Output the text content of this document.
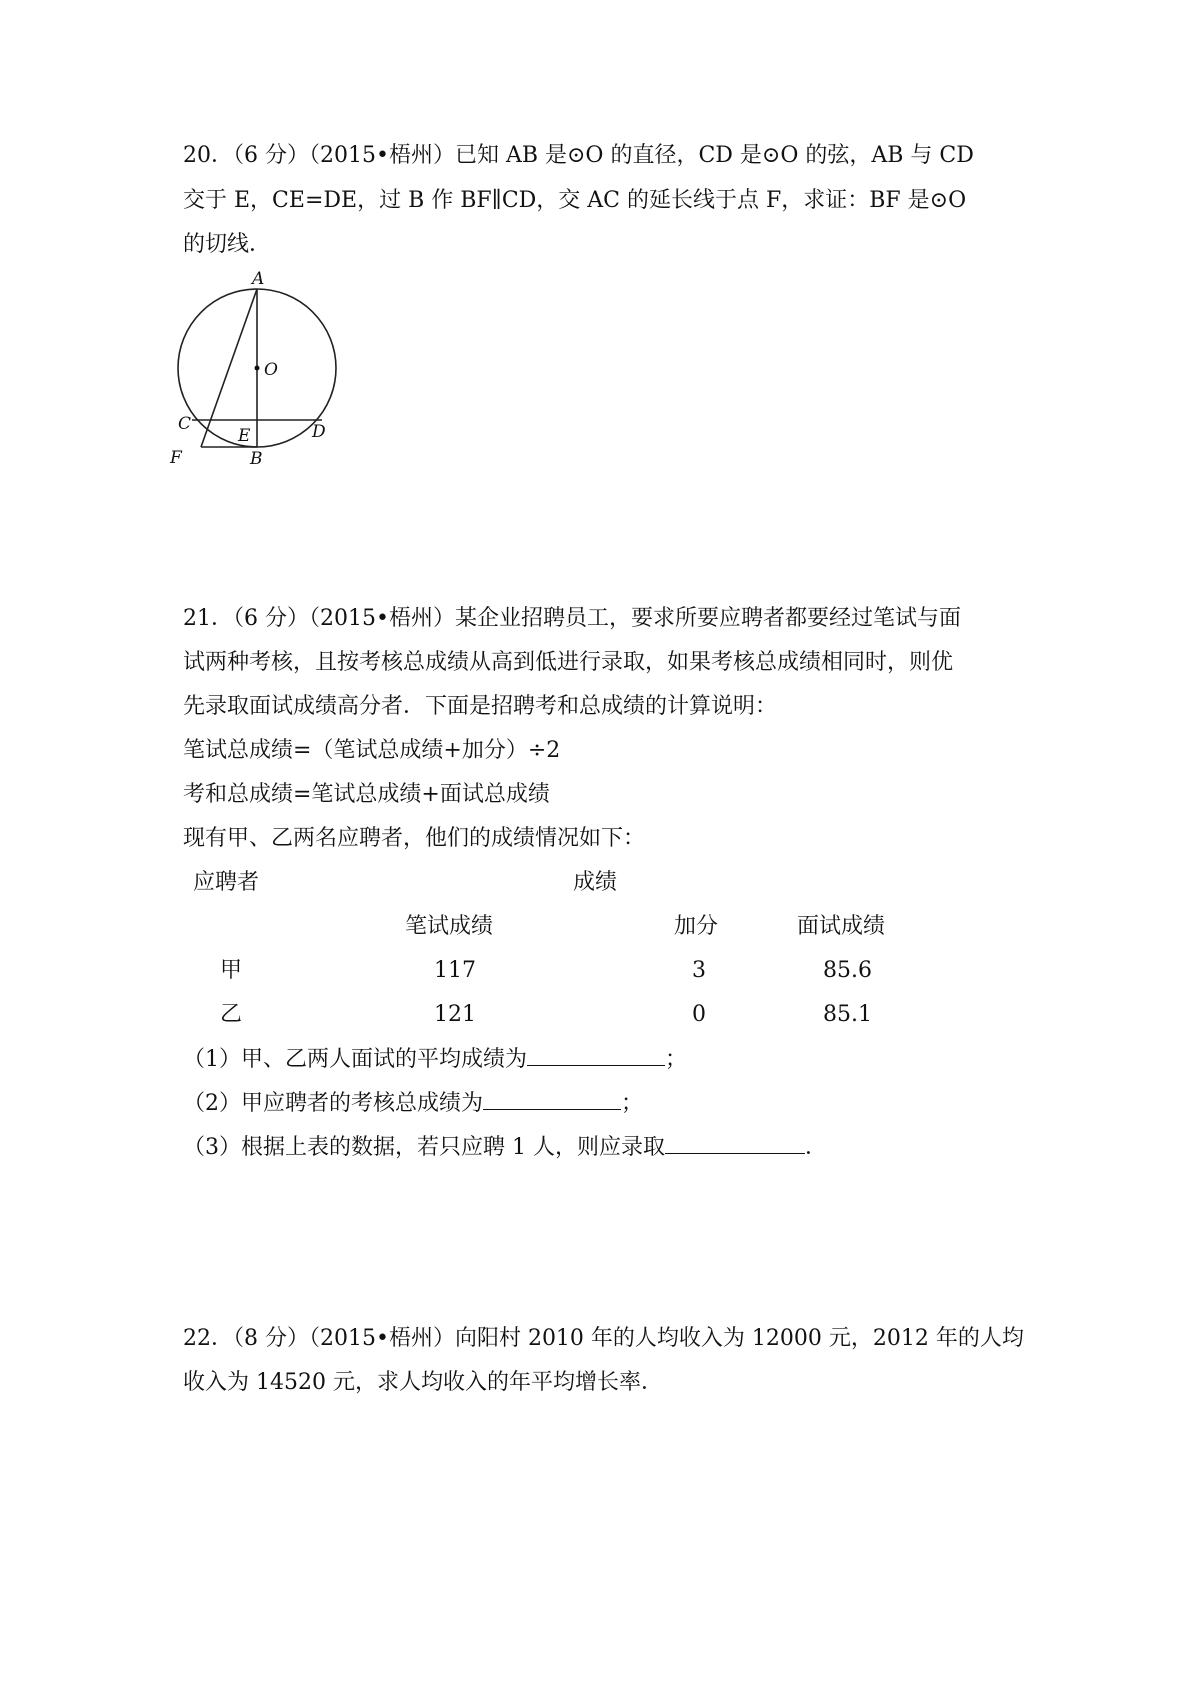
20．（6 分）（2015•梧州）已知 AB 是⊙O 的直径，CD 是⊙O 的弦，AB 与 CD
交于 E，CE=DE，过 B 作 BF∥CD，交 AC 的延长线于点 F，求证：BF 是⊙O
的切线．
A
O
C
E	D
F	B
21．（6 分）（2015•梧州）某企业招聘员工，要求所要应聘者都要经过笔试与面
试两种考核，且按考核总成绩从高到低进行录取，如果考核总成绩相同时，则优
先录取面试成绩高分者．下面是招聘考和总成绩的计算说明：
笔试总成绩=（笔试总成绩+加分）÷2
考和总成绩=笔试总成绩+面试总成绩
现有甲、乙两名应聘者，他们的成绩情况如下：
应聘者	成绩
笔试成绩	加分	面试成绩
甲	117	3	85.6
乙	121	0	85.1
（1）甲、乙两人面试的平均成绩为	；
（2）甲应聘者的考核总成绩为	；
（3）根据上表的数据，若只应聘 1 人，则应录取	．
22．（8 分）（2015•梧州）向阳村 2010 年的人均收入为 12000 元，2012 年的人均
收入为 14520 元，求人均收入的年平均增长率．
